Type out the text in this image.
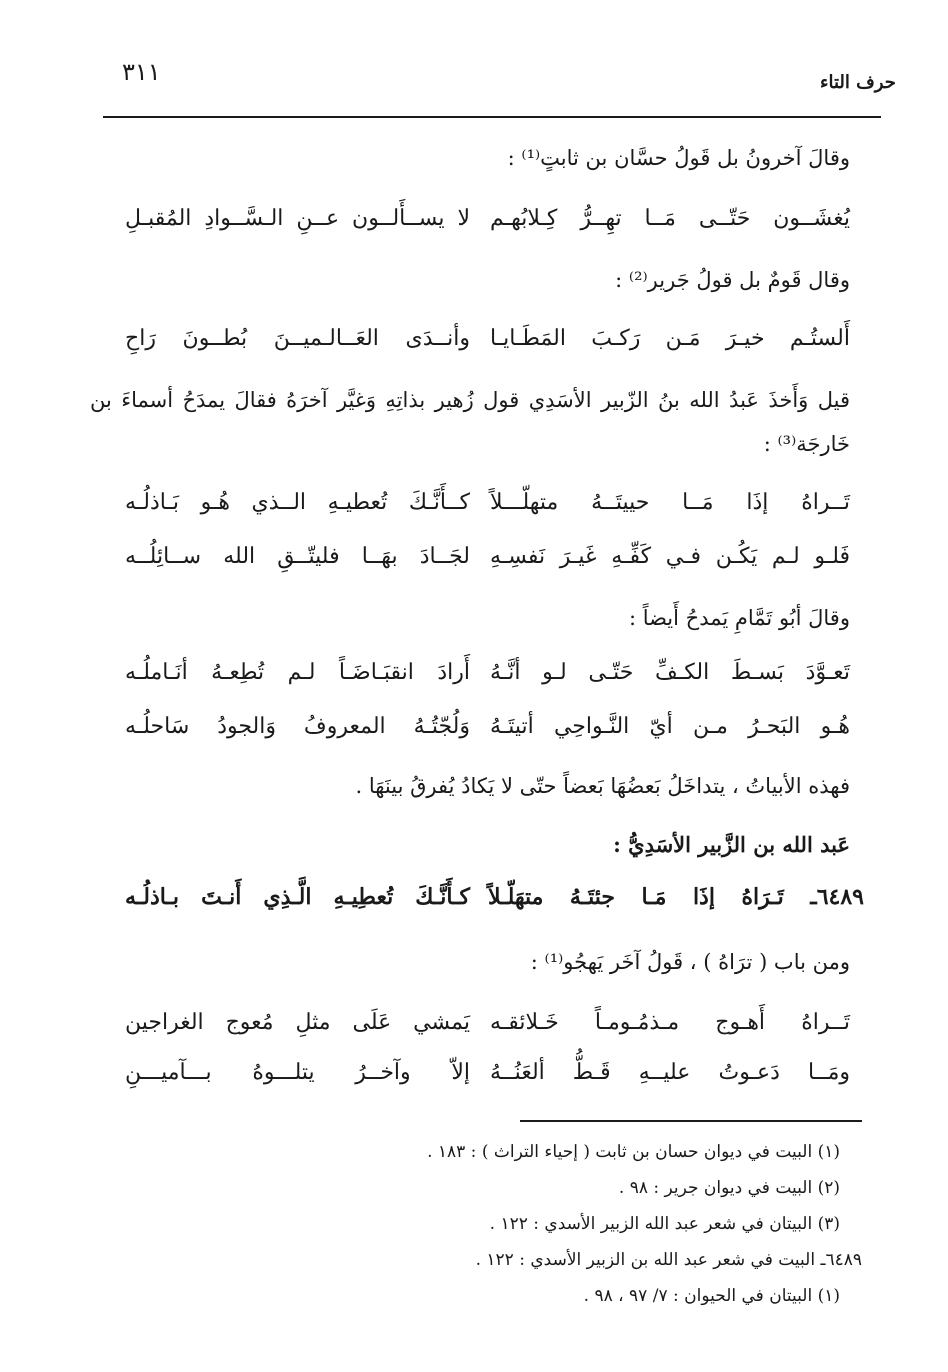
حرف التاء
٣١١
وقالَ آخرونُ بل قَولُ حسَّان بن ثابتٍ⁽¹⁾ :
يُغشَــون حَتّــى مَــا تهِــرُّ كِـلابُهـم
لا يســأَلــون عــنِ الـسَّــوادِ المُقبـلِ
وقال قَومٌ بل قولُ جَرير⁽²⁾ :
أَلستُـم خيـرَ مَـن رَكـبَ المَطَـايـا
وأنــدَى العَــالـميــنَ بُطــونَ رَاحِ
قيل وَأَخذَ عَبدُ الله بنُ الزّبير الأسَدِي قول زُهير بذاتِهِ وَغيَّر آخرَهُ فقالَ يمدَحُ أسماءَ بن خَارجَة⁽³⁾ :
تَــراهُ إذَا مَــا حييتَــهُ متهلّـــلاً
كــأَنَّـكَ تُعطيـهِ الــذي هُـو بَـاذلُـه
فَلـو لـم يَكُـن فـي كَفِّـهِ غَيـرَ نَفسِـهِ
لجَــادَ بهَــا فليتّــقِ الله ســائِلُــه
وقالَ أبُو تَمَّامِ يَمدحُ أَيضاً :
تَعـوَّدَ بَسـطَ الكـفِّ حَتّـى لـو أنَّـهُ
أَرادَ انقبَـاضَـاً لـم تُطِعـهُ أنَـاملُـه
هُـو البَحـرُ مـن أيّ النَّـواحِي أتيتَـهُ
وَلُجّتُـهُ المعروفُ وَالجودُ سَاحلُـه
فهذه الأبياتُ ، يتداخَلُ بَعضُهَا بَعضاً حتّى لا يَكادُ يُفرقُ بينَهَا .
عَبد الله بن الزَّبير الأسَدِيُّ :
٦٤٨٩ـ تَـرَاهُ إذَا مَـا جئتَـهُ متهَلّـلاً
كـأَنَّـكَ تُعطِيـهِ الَّـذِي أَنـتَ بـاذلُـه
ومن باب ( ترَاهُ ) ، قَولُ آخَر يَهجُو⁽¹⁾ :
تَــراهُ أَهـوج مـذمُـومـاً خَـلائقـه
يَمشي عَلَى مثلِ مُعوج الغراجين
ومَــا دَعـوتُ عليــهِ قَـطُّ ألعَنُــهُ
إلاّ وآخــرُ يتلـــوهُ بـــآميـــنِ
(١) البيت في ديوان حسان بن ثابت ( إحياء التراث ) : ١٨٣ .
(٢) البيت في ديوان جرير : ٩٨ .
(٣) البيتان في شعر عبد الله الزبير الأسدي : ١٢٢ .
٦٤٨٩ـ البيت في شعر عبد الله بن الزبير الأسدي : ١٢٢ .
(١) البيتان في الحيوان : ٧/ ٩٧ ، ٩٨ .
